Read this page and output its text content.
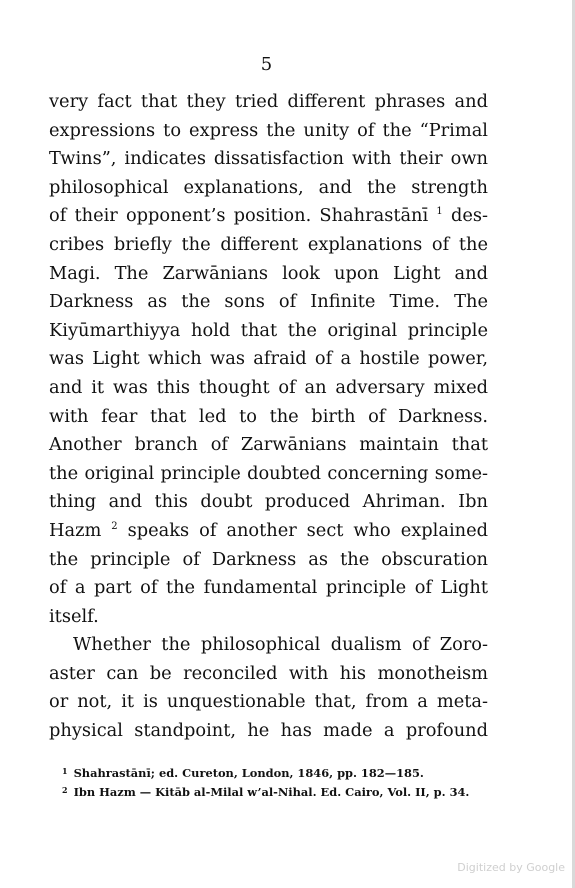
5
very fact that they tried different phrases and
expressions to express the unity of the “Primal
Twins”, indicates dissatisfaction with their own
philosophical explanations, and the strength
of their opponent’s position. Shahrastānī $^1$ des-
cribes briefly the different explanations of the
Magi. The Zarwānians look upon Light and
Darkness as the sons of Infinite Time. The
Kiyūmarthiyya hold that the original principle
was Light which was afraid of a hostile power,
and it was this thought of an adversary mixed
with fear that led to the birth of Darkness.
Another branch of Zarwānians maintain that
the original principle doubted concerning some-
thing and this doubt produced Ahriman. Ibn
Hazm $^2$ speaks of another sect who explained
the principle of Darkness as the obscuration
of a part of the fundamental principle of Light
itself.
Whether the philosophical dualism of Zoro-
aster can be reconciled with his monotheism
or not, it is unquestionable that, from a meta-
physical standpoint, he has made a profound
$^1$ Shahrastānī; ed. Cureton, London, 1846, pp. 182—185.
$^2$ Ibn Hazm — Kitāb al-Milal w’al-Nihal. Ed. Cairo, Vol. II, p. 34.
Digitized by Google
